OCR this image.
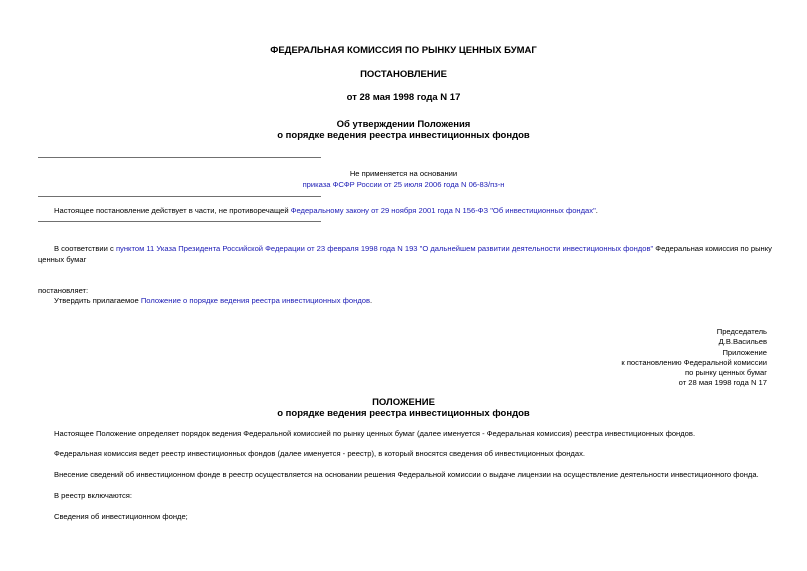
ФЕДЕРАЛЬНАЯ КОМИССИЯ ПО РЫНКУ ЦЕННЫХ БУМАГ
ПОСТАНОВЛЕНИЕ
от 28 мая 1998 года N 17
Об утверждении Положения
о порядке ведения реестра инвестиционных фондов
Не применяется на основании
приказа ФСФР России от 25 июля 2006 года N 06-83/пз-н
Настоящее постановление действует в части, не противоречащей Федеральному закону от 29 ноября 2001 года N 156-ФЗ "Об инвестиционных фондах".
В соответствии с пунктом 11 Указа Президента Российской Федерации от 23 февраля 1998 года N 193 "О дальнейшем развитии деятельности инвестиционных фондов" Федеральная комиссия по рынку ценных бумаг
постановляет:
Утвердить прилагаемое Положение о порядке ведения реестра инвестиционных фондов.
Председатель
Д.В.Васильев
Приложение
к постановлению Федеральной комиссии
по рынку ценных бумаг
от 28 мая 1998 года N 17
ПОЛОЖЕНИЕ
о порядке ведения реестра инвестиционных фондов
Настоящее Положение определяет порядок ведения Федеральной комиссией по рынку ценных бумаг (далее именуется - Федеральная комиссия) реестра инвестиционных фондов.
Федеральная комиссия ведет реестр инвестиционных фондов (далее именуется - реестр), в который вносятся сведения об инвестиционных фондах.
Внесение сведений об инвестиционном фонде в реестр осуществляется на основании решения Федеральной комиссии о выдаче лицензии на осуществление деятельности инвестиционного фонда.
В реестр включаются:
Сведения об инвестиционном фонде;
